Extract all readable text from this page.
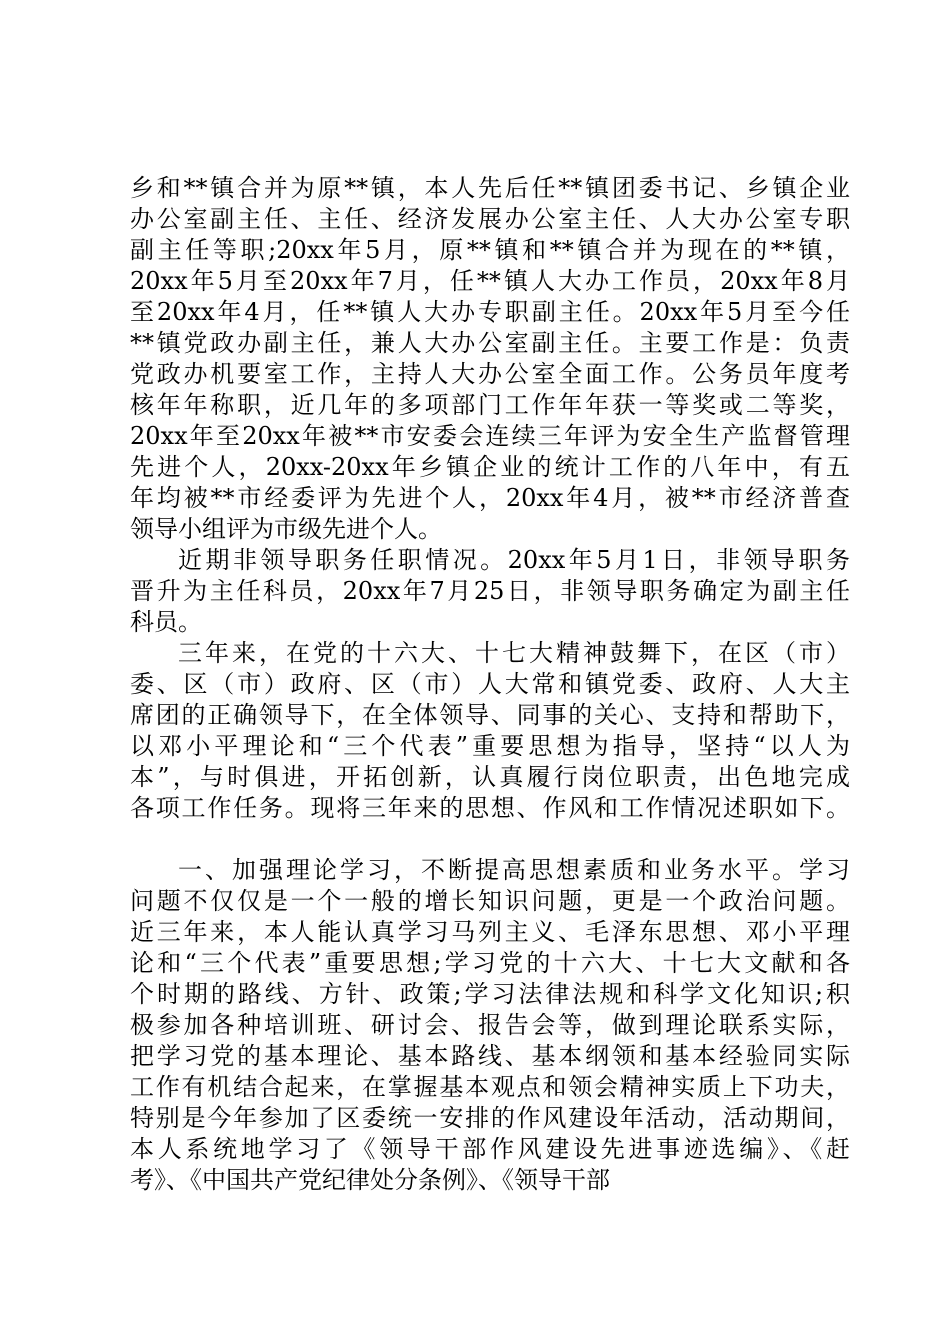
乡和**镇合并为原**镇，本人先后任**镇团委书记、乡镇企业
办公室副主任、主任、经济发展办公室主任、人大办公室专职
副主任等职;20xx年5月，原**镇和**镇合并为现在的**镇，
20xx年5月至20xx年7月，任**镇人大办工作员，20xx年8月
至20xx年4月，任**镇人大办专职副主任。20xx年5月至今任
**镇党政办副主任，兼人大办公室副主任。主要工作是：负责
党政办机要室工作，主持人大办公室全面工作。公务员年度考
核年年称职，近几年的多项部门工作年年获一等奖或二等奖，
20xx年至20xx年被**市安委会连续三年评为安全生产监督管理
先进个人，20xx-20xx年乡镇企业的统计工作的八年中，有五
年均被**市经委评为先进个人，20xx年4月，被**市经济普查
领导小组评为市级先进个人。
近期非领导职务任职情况。20xx年5月1日，非领导职务
晋升为主任科员，20xx年7月25日，非领导职务确定为副主任
科员。
三年来，在党的十六大、十七大精神鼓舞下，在区（市）
委、区（市）政府、区（市）人大常和镇党委、政府、人大主
席团的正确领导下，在全体领导、同事的关心、支持和帮助下，
以邓小平理论和“三个代表”重要思想为指导，坚持“以人为
本”，与时俱进，开拓创新，认真履行岗位职责，出色地完成
各项工作任务。现将三年来的思想、作风和工作情况述职如下。
一、加强理论学习，不断提高思想素质和业务水平。学习
问题不仅仅是一个一般的增长知识问题，更是一个政治问题。
近三年来，本人能认真学习马列主义、毛泽东思想、邓小平理
论和“三个代表”重要思想;学习党的十六大、十七大文献和各
个时期的路线、方针、政策;学习法律法规和科学文化知识;积
极参加各种培训班、研讨会、报告会等，做到理论联系实际，
把学习党的基本理论、基本路线、基本纲领和基本经验同实际
工作有机结合起来，在掌握基本观点和领会精神实质上下功夫，
特别是今年参加了区委统一安排的作风建设年活动，活动期间，
本人系统地学习了《领导干部作风建设先进事迹选编》、《赶
考》、《中国共产党纪律处分条例》、《领导干部
